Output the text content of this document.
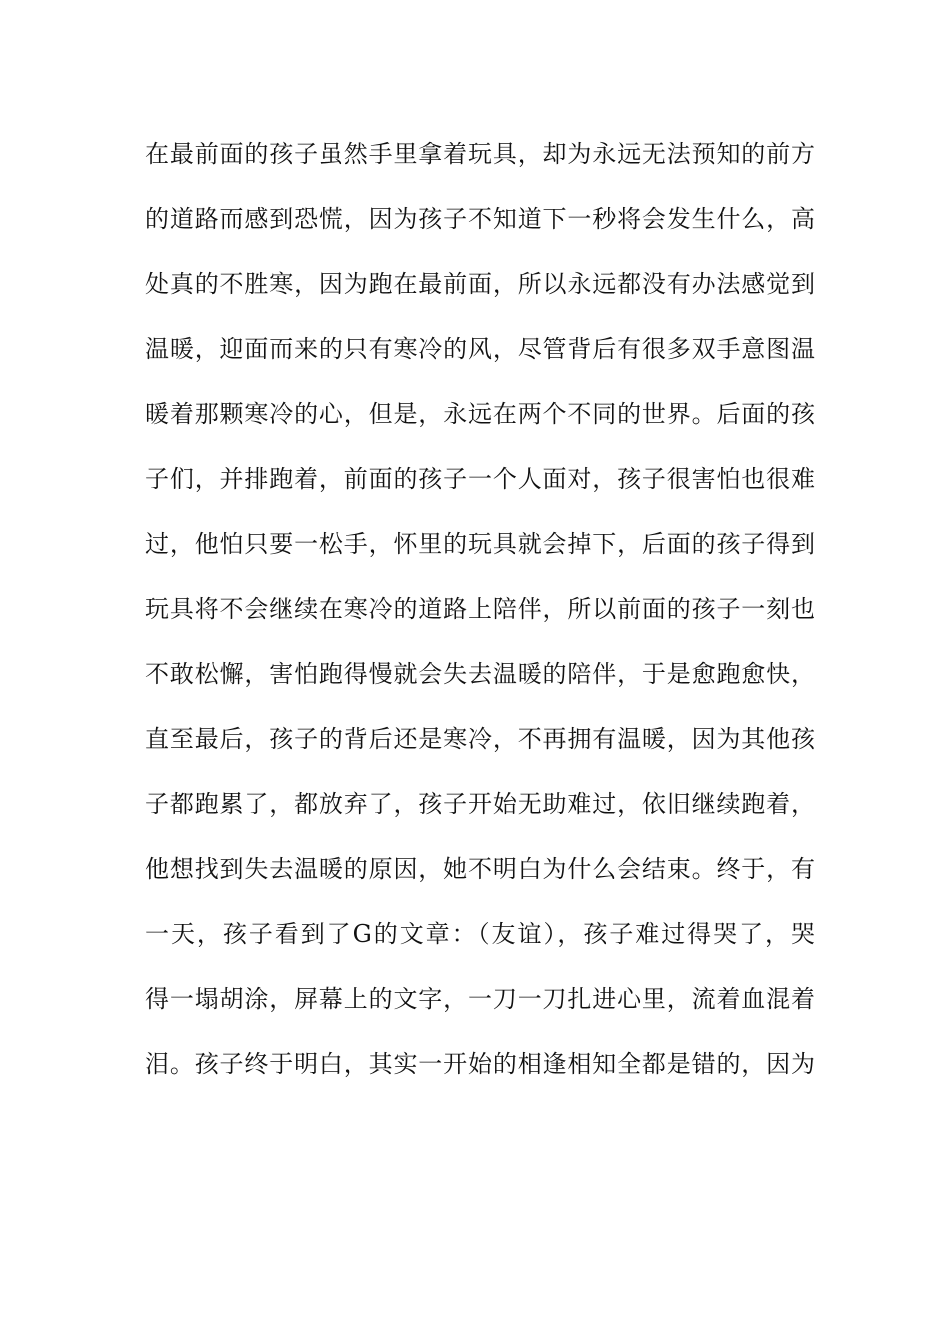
在最前面的孩子虽然手里拿着玩具，却为永远无法预知的前方
的道路而感到恐慌，因为孩子不知道下一秒将会发生什么，高
处真的不胜寒，因为跑在最前面，所以永远都没有办法感觉到
温暖，迎面而来的只有寒冷的风，尽管背后有很多双手意图温
暖着那颗寒冷的心，但是，永远在两个不同的世界。后面的孩
子们，并排跑着，前面的孩子一个人面对，孩子很害怕也很难
过，他怕只要一松手，怀里的玩具就会掉下，后面的孩子得到
玩具将不会继续在寒冷的道路上陪伴，所以前面的孩子一刻也
不敢松懈，害怕跑得慢就会失去温暖的陪伴，于是愈跑愈快，
直至最后，孩子的背后还是寒冷，不再拥有温暖，因为其他孩
子都跑累了，都放弃了，孩子开始无助难过，依旧继续跑着，
他想找到失去温暖的原因，她不明白为什么会结束。终于，有
一天，孩子看到了G的文章：（友谊），孩子难过得哭了，哭
得一塌胡涂，屏幕上的文字，一刀一刀扎进心里，流着血混着
泪。孩子终于明白，其实一开始的相逢相知全都是错的，因为
